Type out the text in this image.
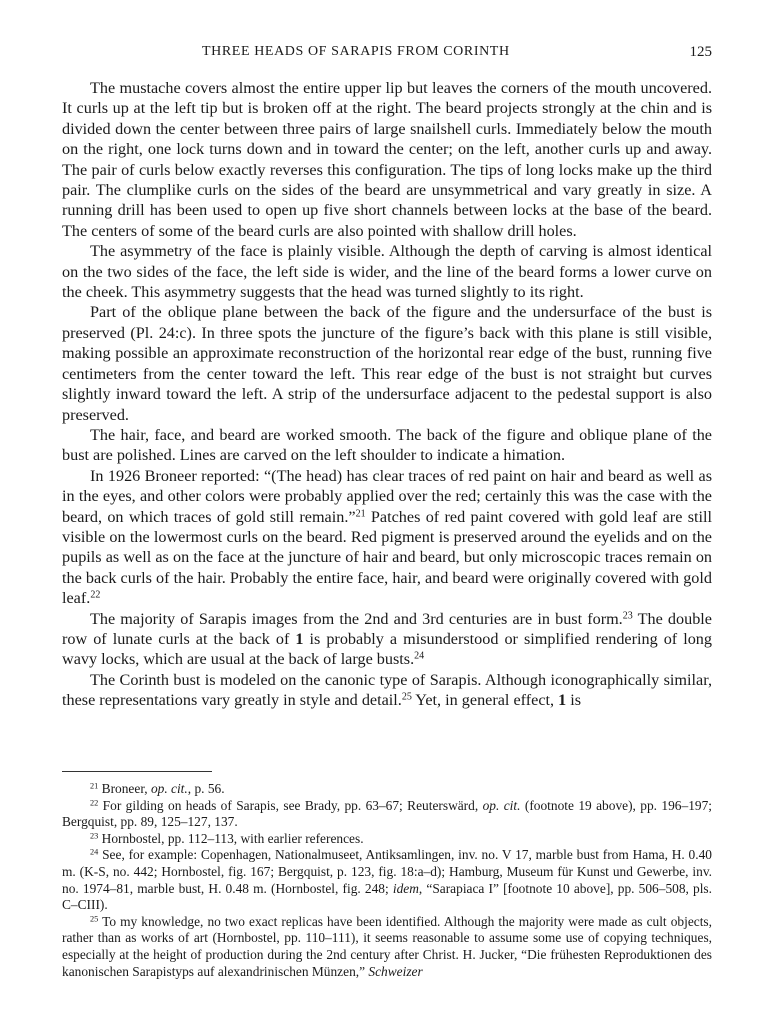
THREE HEADS OF SARAPIS FROM CORINTH	125

The mustache covers almost the entire upper lip but leaves the corners of the mouth uncovered. It curls up at the left tip but is broken off at the right. The beard projects strongly at the chin and is divided down the center between three pairs of large snailshell curls. Immediately below the mouth on the right, one lock turns down and in toward the center; on the left, another curls up and away. The pair of curls below exactly reverses this configuration. The tips of long locks make up the third pair. The clumplike curls on the sides of the beard are unsymmetrical and vary greatly in size. A running drill has been used to open up five short channels between locks at the base of the beard. The centers of some of the beard curls are also pointed with shallow drill holes.

The asymmetry of the face is plainly visible. Although the depth of carving is almost identical on the two sides of the face, the left side is wider, and the line of the beard forms a lower curve on the cheek. This asymmetry suggests that the head was turned slightly to its right.

Part of the oblique plane between the back of the figure and the undersurface of the bust is preserved (Pl. 24:c). In three spots the juncture of the figure’s back with this plane is still visible, making possible an approximate reconstruction of the horizontal rear edge of the bust, running five centimeters from the center toward the left. This rear edge of the bust is not straight but curves slightly inward toward the left. A strip of the undersurface adjacent to the pedestal support is also preserved.

The hair, face, and beard are worked smooth. The back of the figure and oblique plane of the bust are polished. Lines are carved on the left shoulder to indicate a himation.

In 1926 Broneer reported: “(The head) has clear traces of red paint on hair and beard as well as in the eyes, and other colors were probably applied over the red; certainly this was the case with the beard, on which traces of gold still remain.”$^{21}$ Patches of red paint covered with gold leaf are still visible on the lowermost curls on the beard. Red pigment is preserved around the eyelids and on the pupils as well as on the face at the juncture of hair and beard, but only microscopic traces remain on the back curls of the hair. Probably the entire face, hair, and beard were originally covered with gold leaf.$^{22}$

The majority of Sarapis images from the 2nd and 3rd centuries are in bust form.$^{23}$ The double row of lunate curls at the back of 1 is probably a misunderstood or simplified rendering of long wavy locks, which are usual at the back of large busts.$^{24}$

The Corinth bust is modeled on the canonic type of Sarapis. Although iconographically similar, these representations vary greatly in style and detail.$^{25}$ Yet, in general effect, 1 is

$^{21}$ Broneer, op. cit., p. 56.

$^{22}$ For gilding on heads of Sarapis, see Brady, pp. 63–67; Reuterswärd, op. cit. (footnote 19 above), pp. 196–197; Bergquist, pp. 89, 125–127, 137.

$^{23}$ Hornbostel, pp. 112–113, with earlier references.

$^{24}$ See, for example: Copenhagen, Nationalmuseet, Antiksamlingen, inv. no. V 17, marble bust from Hama, H. 0.40 m. (K-S, no. 442; Hornbostel, fig. 167; Bergquist, p. 123, fig. 18:a–d); Hamburg, Museum für Kunst und Gewerbe, inv. no. 1974–81, marble bust, H. 0.48 m. (Hornbostel, fig. 248; idem, “Sarapiaca I” [footnote 10 above], pp. 506–508, pls. C–CIII).

$^{25}$ To my knowledge, no two exact replicas have been identified. Although the majority were made as cult objects, rather than as works of art (Hornbostel, pp. 110–111), it seems reasonable to assume some use of copying techniques, especially at the height of production during the 2nd century after Christ. H. Jucker, “Die frühesten Reproduktionen des kanonischen Sarapistyps auf alexandrinischen Münzen,” Schweizer
